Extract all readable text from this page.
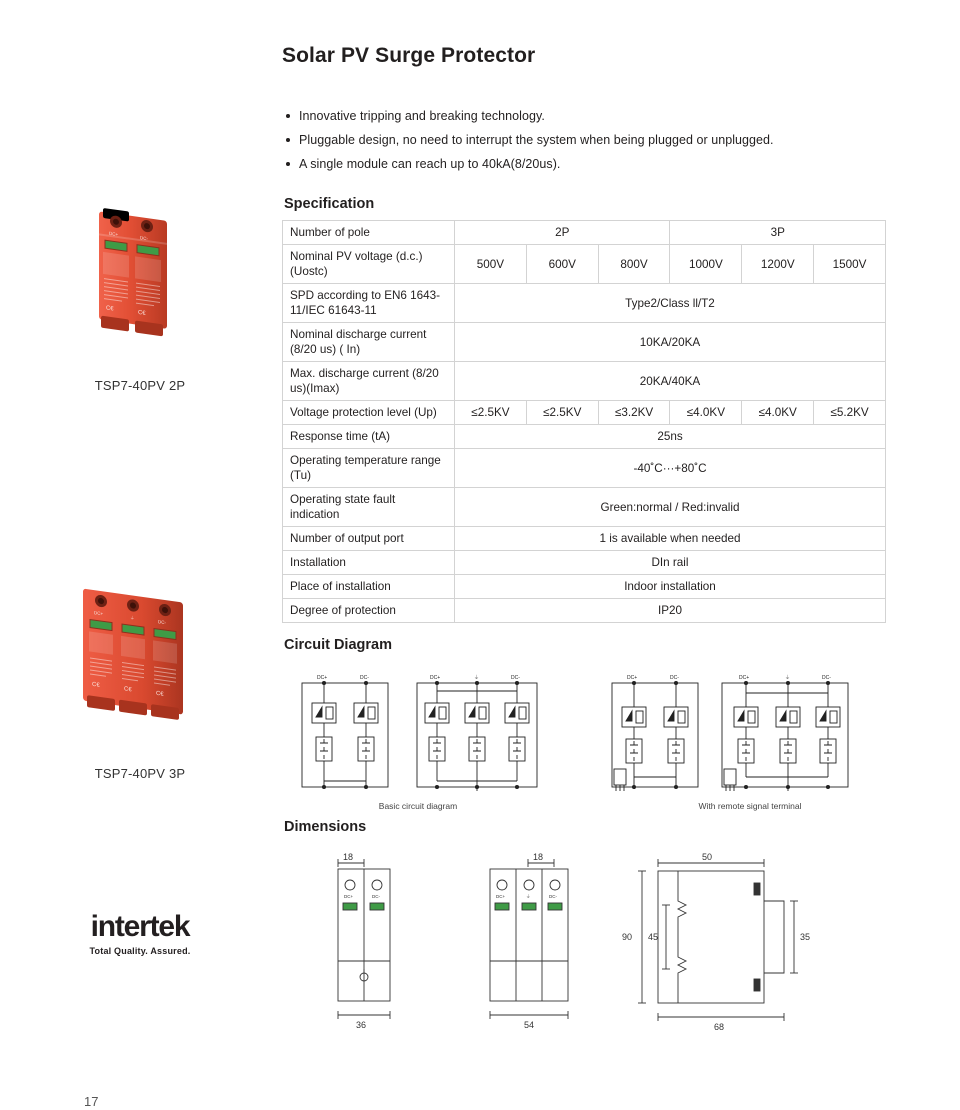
DC+
DC-
C€
C€
TSP7-40PV 2P
DC+
⏚
DC-
C€
C€
C€
TSP7-40PV 3P
intertek
Total Quality. Assured.
17
Solar PV Surge Protector
Innovative tripping and breaking technology.
Pluggable design, no need to interrupt the system when being plugged or unplugged.
A single module can reach up to 40kA(8/20us).
Specification
Number of pole	2P			3P		
Nominal PV voltage (d.c.) (Uostc)	500V	600V	800V	1000V	1200V	1500V
SPD according to EN6 1643-11/IEC 61643-11	Type2/Class ll/T2					
Nominal discharge current (8/20 us) ( In)	10KA/20KA					
Max. discharge current (8/20 us)(Imax)	20KA/40KA					
Voltage protection level (Up)	≤2.5KV	≤2.5KV	≤3.2KV	≤4.0KV	≤4.0KV	≤5.2KV
Response time (tA)	25ns					
Operating temperature range (Tu)	-40˚C···+80˚C					
Operating state fault indication	Green:normal / Red:invalid					
Number of output port	1 is available when needed					
Installation	DIn rail					
Place of installation	Indoor installation					
Degree of protection	IP20					
Circuit Diagram
DC+	DC-	DC+	⏚	DC-	DC+	DC-	DC+	⏚	DC-
Basic circuit diagram	With remote signal terminal
Dimensions
18
DC+	DC-
36
18
DC+	⏚	DC-
54
50
90 45	35
68
